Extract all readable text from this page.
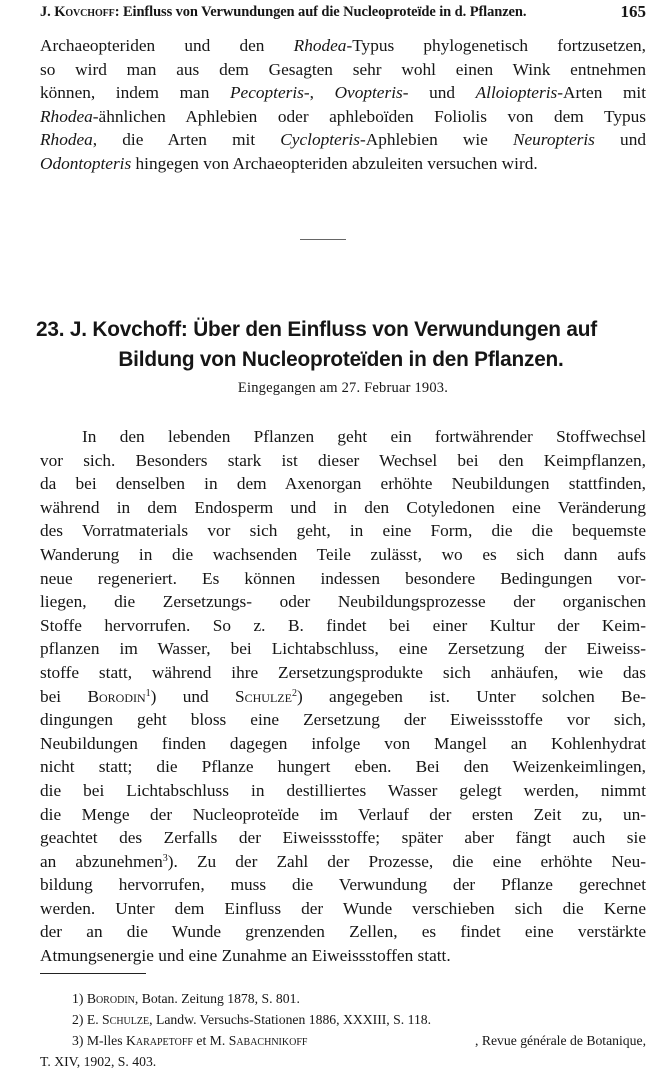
J. Kovchoff: Einfluss von Verwundungen auf die Nucleoproteïde in d. Pflanzen.	165
Archaeopteriden und den Rhodea-Typus phylogenetisch fortzusetzen,
so wird man aus dem Gesagten sehr wohl einen Wink entnehmen
können, indem man Pecopteris-, Ovopteris- und Alloiopteris-Arten mit
Rhodea-ähnlichen Aphlebien oder aphleboïden Foliolis von dem Typus
Rhodea, die Arten mit Cyclopteris-Aphlebien wie Neuropteris und
Odontopteris hingegen von Archaeopteriden abzuleiten versuchen wird.
23. J. Kovchoff: Über den Einfluss von Verwundungen auf
Bildung von Nucleoproteïden in den Pflanzen.
Eingegangen am 27. Februar 1903.
In den lebenden Pflanzen geht ein fortwährender Stoffwechsel
vor sich. Besonders stark ist dieser Wechsel bei den Keimpflanzen,
da bei denselben in dem Axenorgan erhöhte Neubildungen stattfinden,
während in dem Endosperm und in den Cotyledonen eine Veränderung
des Vorratmaterials vor sich geht, in eine Form, die die bequemste
Wanderung in die wachsenden Teile zulässt, wo es sich dann aufs
neue regeneriert. Es können indessen besondere Bedingungen vor-
liegen, die Zersetzungs- oder Neubildungsprozesse der organischen
Stoffe hervorrufen. So z. B. findet bei einer Kultur der Keim-
pflanzen im Wasser, bei Lichtabschluss, eine Zersetzung der Eiweiss-
stoffe statt, während ihre Zersetzungsprodukte sich anhäufen, wie das
bei Borodin$^1$) und Schulze$^2$) angegeben ist. Unter solchen Be-
dingungen geht bloss eine Zersetzung der Eiweissstoffe vor sich,
Neubildungen finden dagegen infolge von Mangel an Kohlenhydrat
nicht statt; die Pflanze hungert eben. Bei den Weizenkeimlingen,
die bei Lichtabschluss in destilliertes Wasser gelegt werden, nimmt
die Menge der Nucleoproteïde im Verlauf der ersten Zeit zu, un-
geachtet des Zerfalls der Eiweissstoffe; später aber fängt auch sie
an abzunehmen$^3$). Zu der Zahl der Prozesse, die eine erhöhte Neu-
bildung hervorrufen, muss die Verwundung der Pflanze gerechnet
werden. Unter dem Einfluss der Wunde verschieben sich die Kerne
der an die Wunde grenzenden Zellen, es findet eine verstärkte
Atmungsenergie und eine Zunahme an Eiweissstoffen statt.
1) Borodin, Botan. Zeitung 1878, S. 801.
2) E. Schulze, Landw. Versuchs-Stationen 1886, XXXIII, S. 118.
3) M-lles Karapetoff et M. Sabachnikoff	, Revue générale de Botanique,
T. XIV, 1902, S. 403.
